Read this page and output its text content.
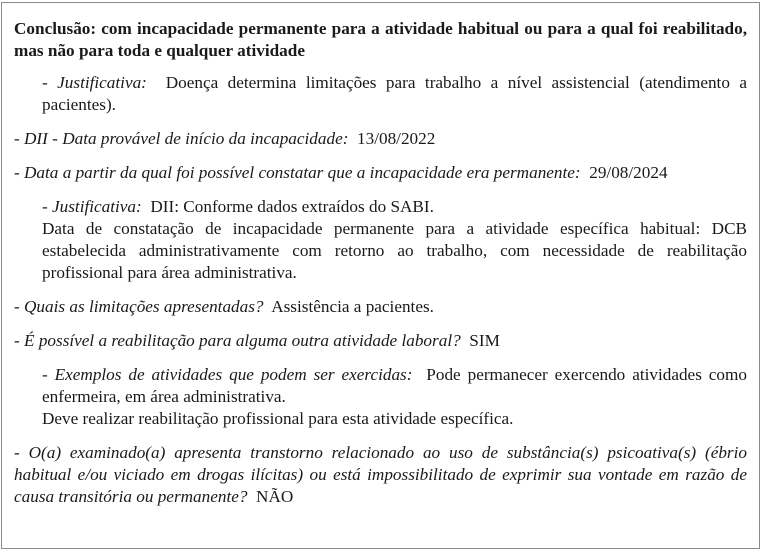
Conclusão: com incapacidade permanente para a atividade habitual ou para a qual foi reabilitado, mas não para toda e qualquer atividade
- Justificativa: Doença determina limitações para trabalho a nível assistencial (atendimento a pacientes).
- DII - Data provável de início da incapacidade: 13/08/2022
- Data a partir da qual foi possível constatar que a incapacidade era permanente: 29/08/2024
- Justificativa: DII: Conforme dados extraídos do SABI.
Data de constatação de incapacidade permanente para a atividade específica habitual: DCB estabelecida administrativamente com retorno ao trabalho, com necessidade de reabilitação profissional para área administrativa.
- Quais as limitações apresentadas? Assistência a pacientes.
- É possível a reabilitação para alguma outra atividade laboral? SIM
- Exemplos de atividades que podem ser exercidas: Pode permanecer exercendo atividades como enfermeira, em área administrativa.
Deve realizar reabilitação profissional para esta atividade específica.
- O(a) examinado(a) apresenta transtorno relacionado ao uso de substância(s) psicoativa(s) (ébrio habitual e/ou viciado em drogas ilícitas) ou está impossibilitado de exprimir sua vontade em razão de causa transitória ou permanente? NÃO
